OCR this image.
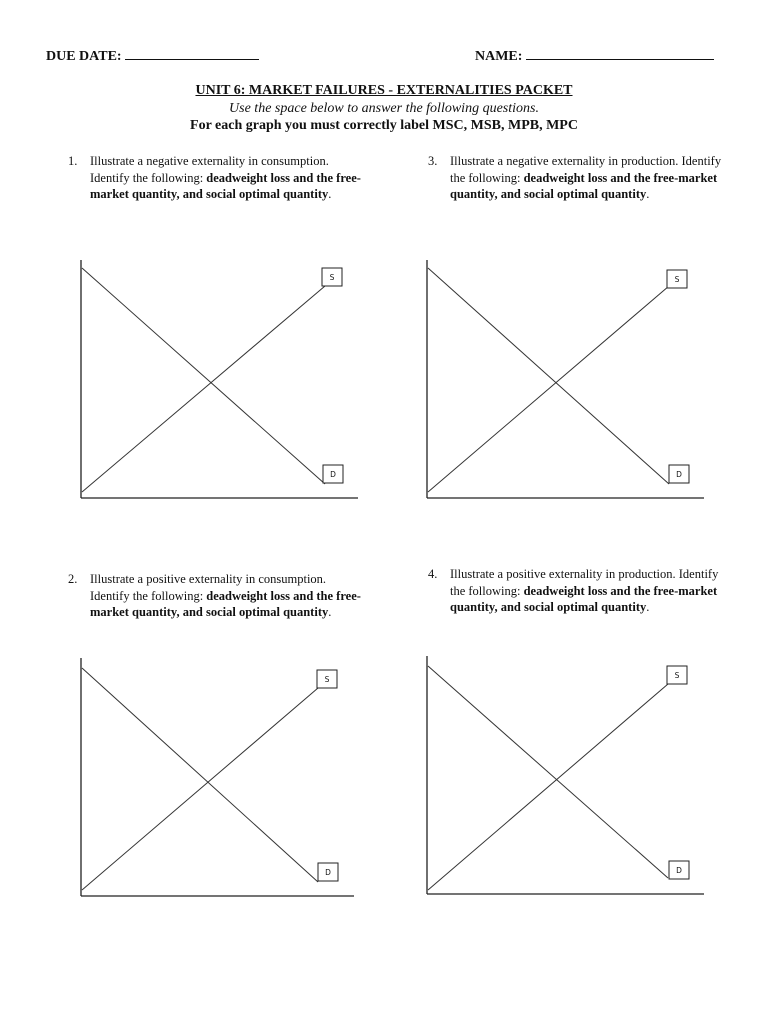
DUE DATE:	NAME:
UNIT 6: MARKET FAILURES - EXTERNALITIES PACKET
Use the space below to answer the following questions.
For each graph you must correctly label MSC, MSB, MPB, MPC
1. Illustrate a negative externality in consumption. Identify the following: deadweight loss and the free-market quantity, and social optimal quantity.
3. Illustrate a negative externality in production. Identify the following: deadweight loss and the free-market quantity, and social optimal quantity.
2. Illustrate a positive externality in consumption. Identify the following: deadweight loss and the free-market quantity, and social optimal quantity.
4. Illustrate a positive externality in production. Identify the following: deadweight loss and the free-market quantity, and social optimal quantity.
S
D
S
D
S
D
S
D
